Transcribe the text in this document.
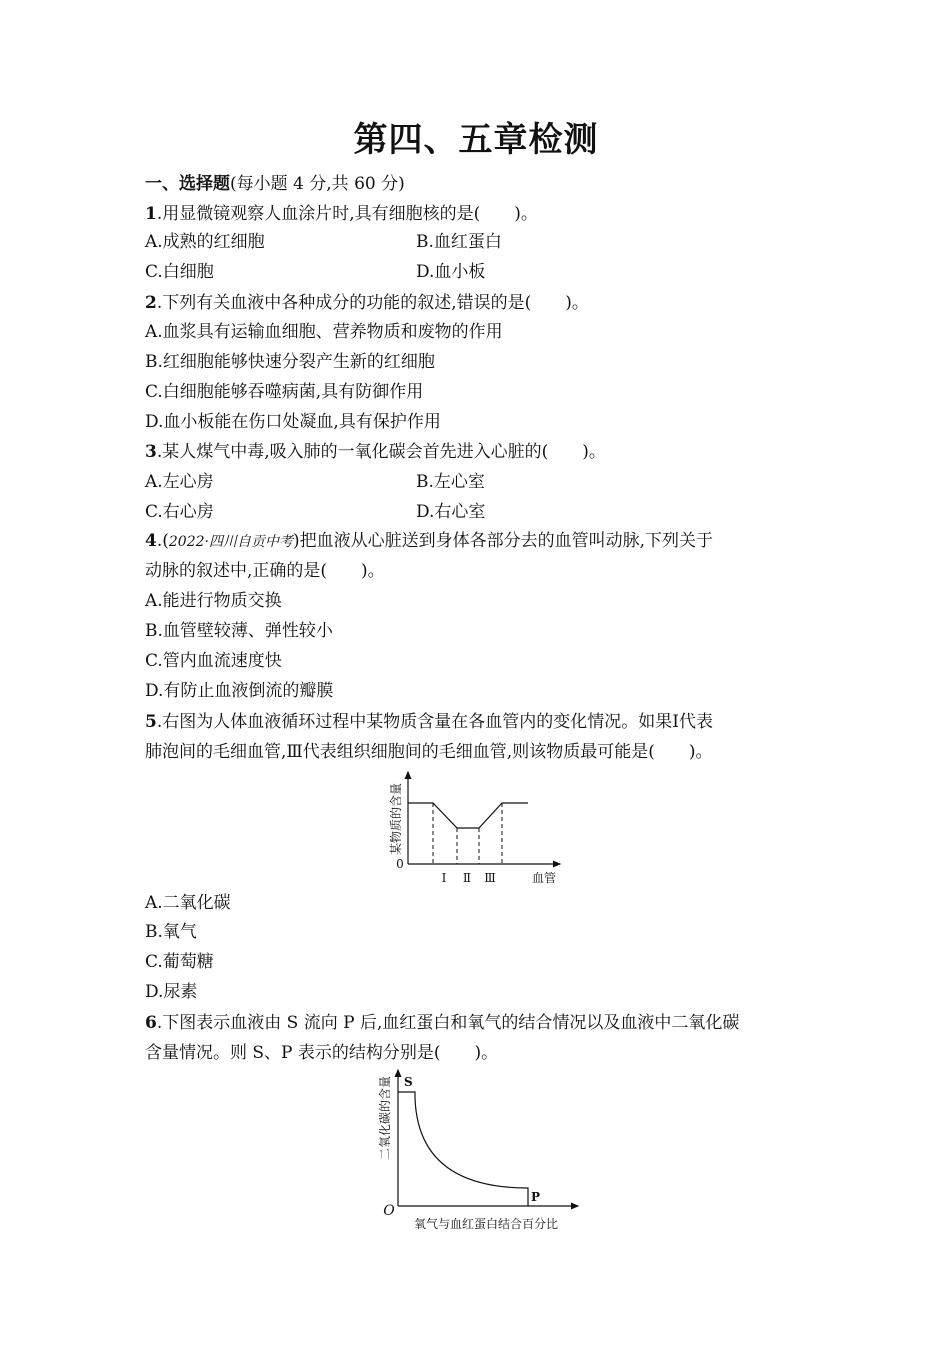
第四、五章检测
一、选择题(每小题 4 分,共 60 分)
1.用显微镜观察人血涂片时,具有细胞核的是(　　)。
A.成熟的红细胞	B.血红蛋白
C.白细胞	D.血小板
2.下列有关血液中各种成分的功能的叙述,错误的是(　　)。
A.血浆具有运输血细胞、营养物质和废物的作用
B.红细胞能够快速分裂产生新的红细胞
C.白细胞能够吞噬病菌,具有防御作用
D.血小板能在伤口处凝血,具有保护作用
3.某人煤气中毒,吸入肺的一氧化碳会首先进入心脏的(　　)。
A.左心房	B.左心室
C.右心房	D.右心室
4.(2022·四川自贡中考)把血液从心脏送到身体各部分去的血管叫动脉,下列关于
动脉的叙述中,正确的是(　　)。
A.能进行物质交换
B.血管壁较薄、弹性较小
C.管内血流速度快
D.有防止血液倒流的瓣膜
5.右图为人体血液循环过程中某物质含量在各血管内的变化情况。如果Ⅰ代表
肺泡间的毛细血管,Ⅲ代表组织细胞间的毛细血管,则该物质最可能是(　　)。
某物质的含量
0
Ⅰ Ⅱ Ⅲ	血管
A.二氧化碳
B.氧气
C.葡萄糖
D.尿素
6.下图表示血液由 S 流向 P 后,血红蛋白和氧气的结合情况以及血液中二氧化碳
含量情况。则 S、P 表示的结构分别是(　　)。
S
P
二氧化碳的含量
O
氧气与血红蛋白结合百分比
